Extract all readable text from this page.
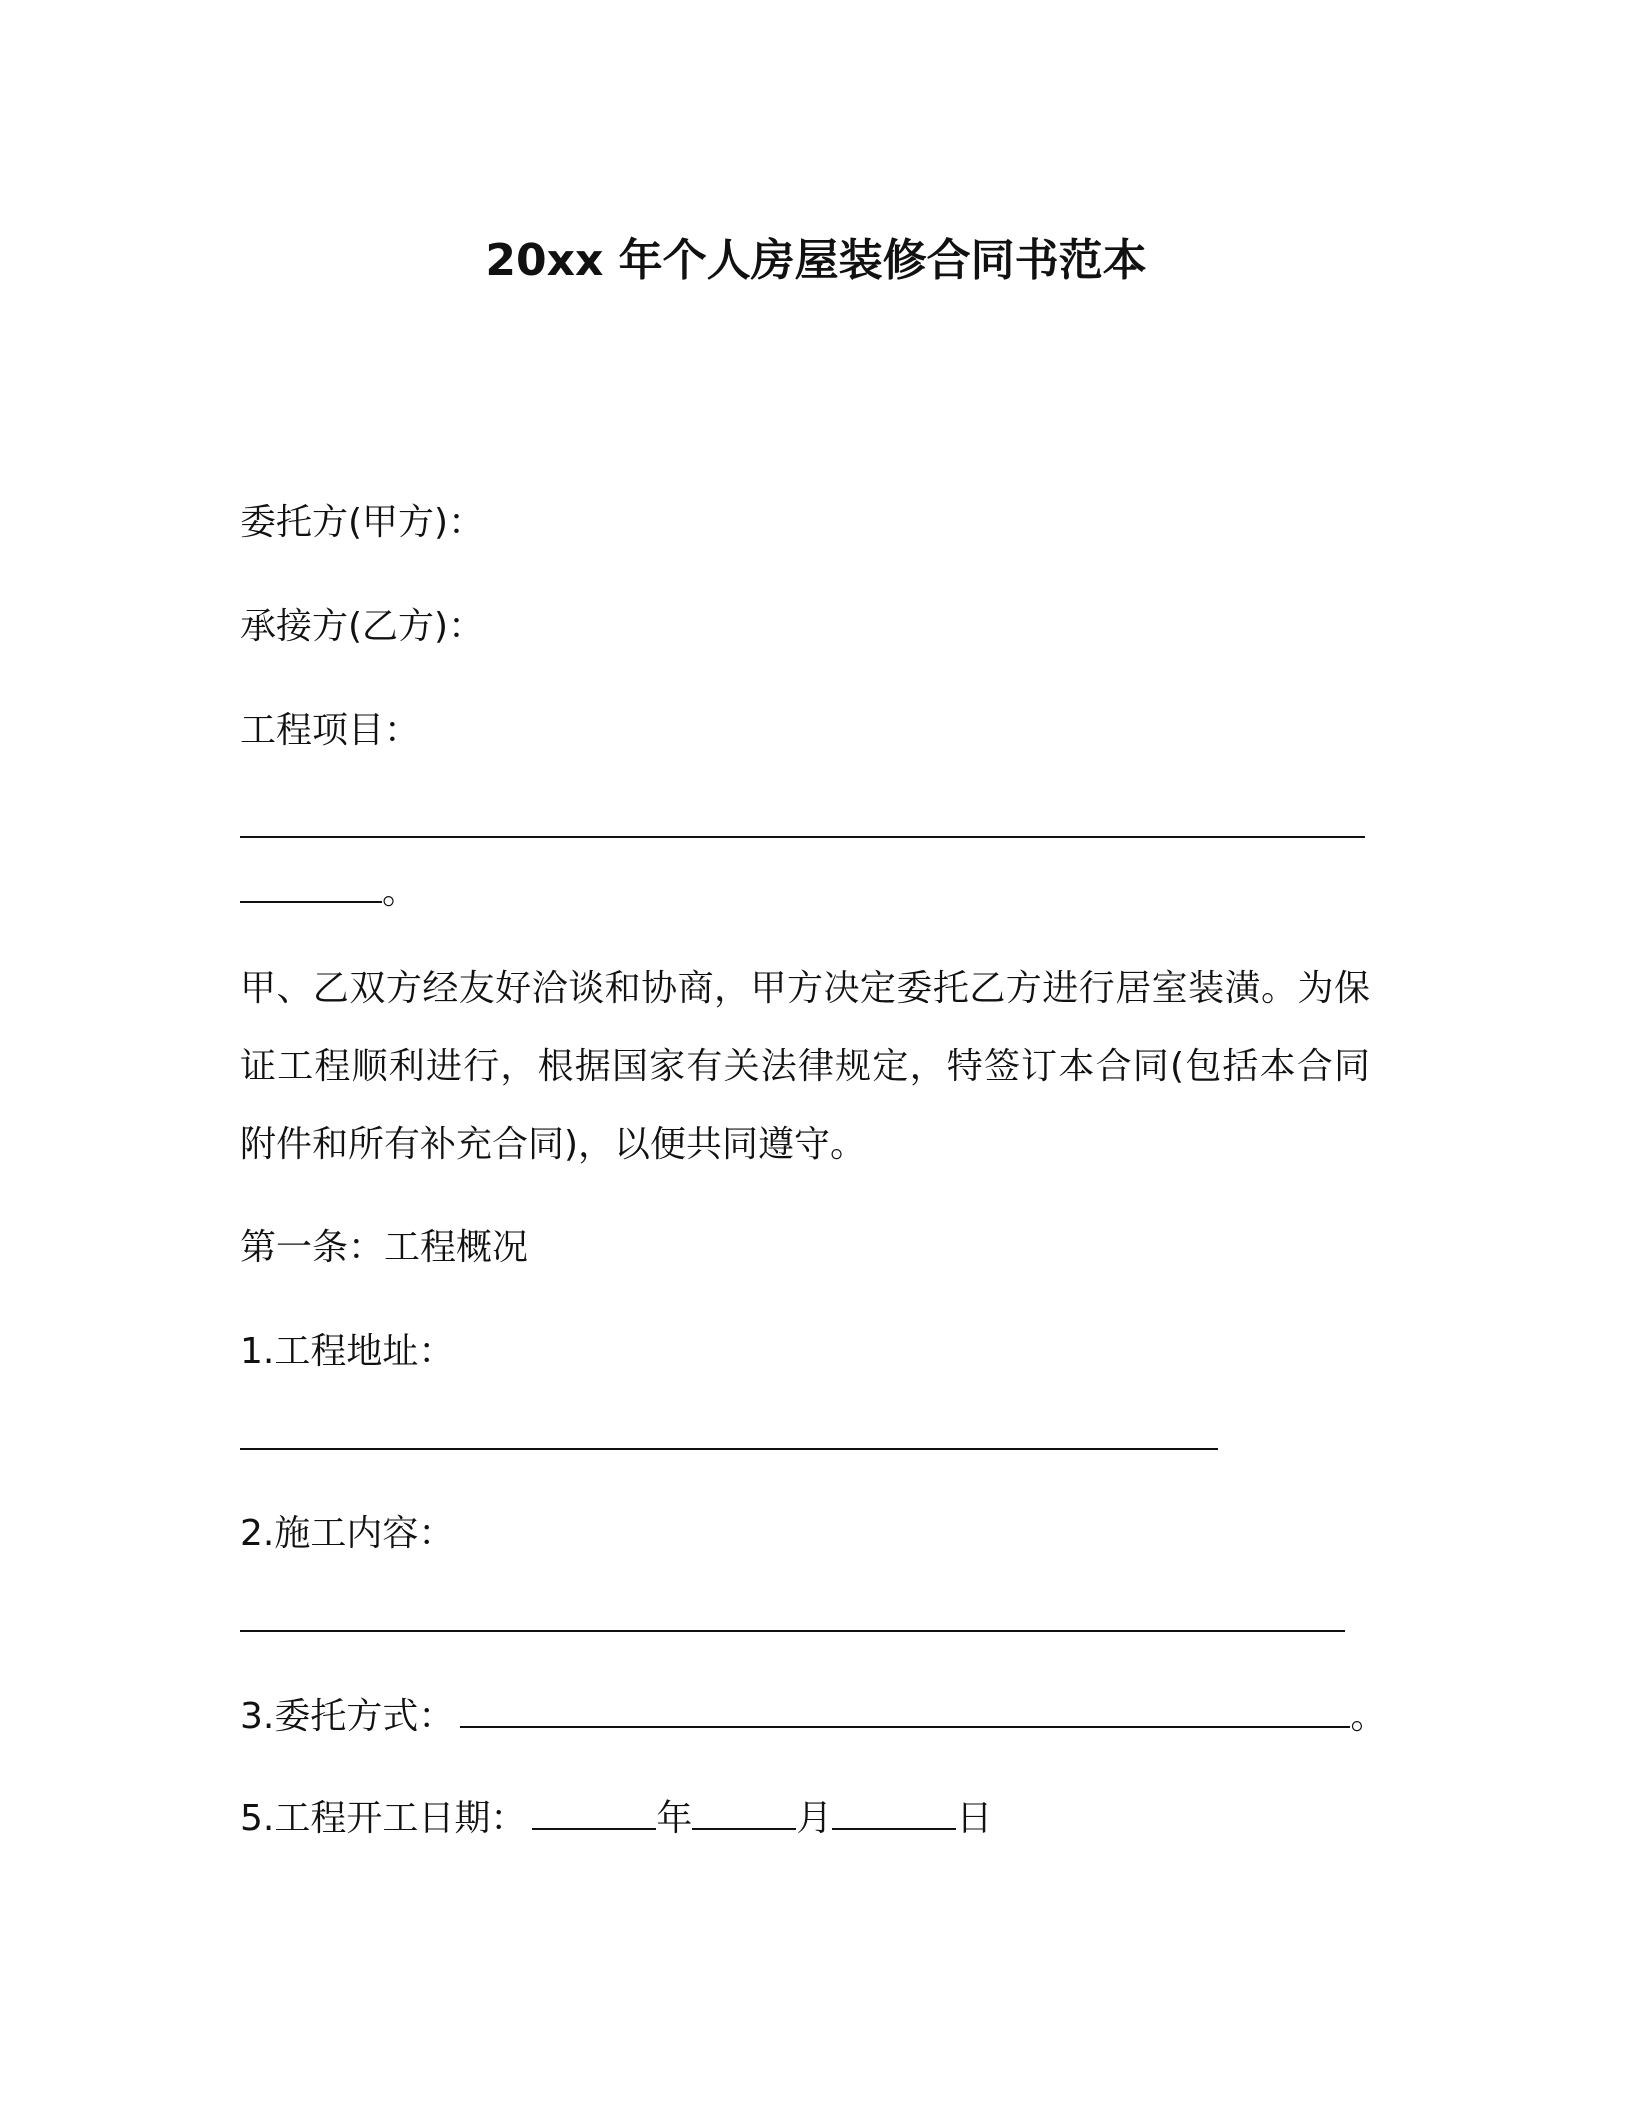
20xx 年个人房屋装修合同书范本
委托方(甲方)：
承接方(乙方)：
工程项目：
。
甲、乙双方经友好洽谈和协商，甲方决定委托乙方进行居室装潢。为保证工程顺利进行，根据国家有关法律规定，特签订本合同(包括本合同附件和所有补充合同)，以便共同遵守。
第一条：工程概况
1.工程地址：
2.施工内容：
3.委托方式：	。
5.工程开工日期：	年	月	日
